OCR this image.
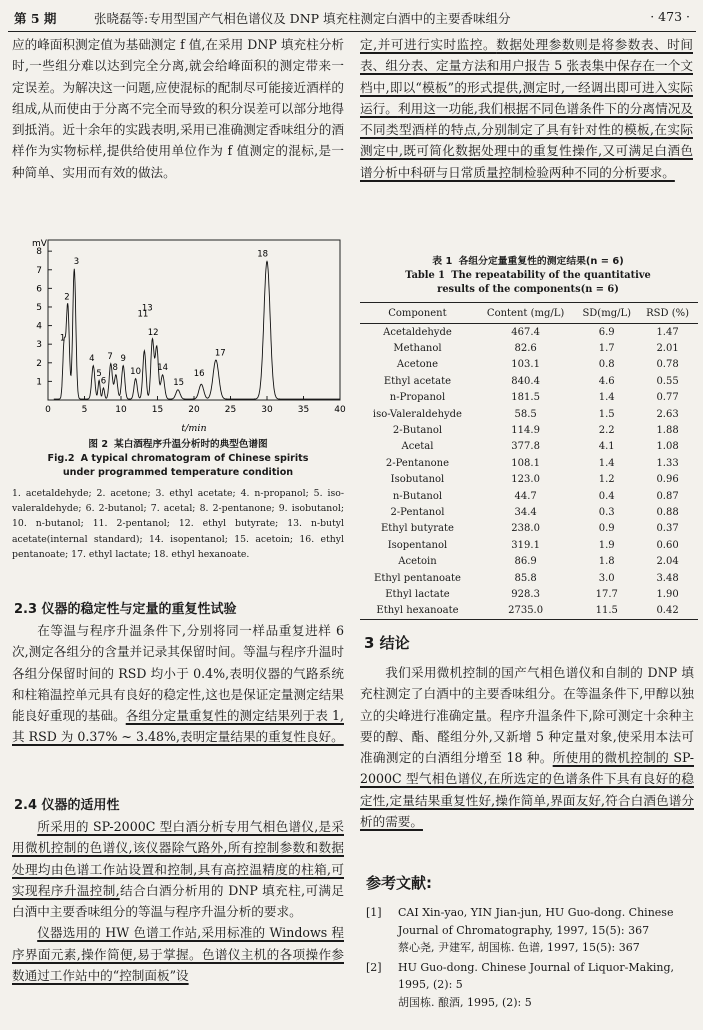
第 5 期	张晓磊等:专用型国产气相色谱仪及 DNP 填充柱测定白酒中的主要香味组分	· 473 ·

应的峰面积测定值为基础测定 f 值,在采用 DNP 填充柱分析时,一些组分难以达到完全分离,就会给峰面积的测定带来一定误差。为解决这一问题,应使混标的配制尽可能接近酒样的组成,从而使由于分离不完全而导致的积分误差可以部分地得到抵消。近十余年的实践表明,采用已准确测定香味组分的酒样作为实物标样,提供给使用单位作为 f 值测定的混标,是一种简单、实用而有效的做法。

mV
1
2
3
4
5
6
7
8
0	5	10	15	20	25	30	35	40
1
2
3
4
5
6
7
8
9
10
11
12
13
14
15
16
17
18
t/min
图 2 某白酒程序升温分析时的典型色谱图
Fig.2 A typical chromatogram of Chinese spirits
under programmed temperature condition
1. acetaldehyde; 2. acetone; 3. ethyl acetate; 4. n-propanol; 5. iso-valeraldehyde; 6. 2-butanol; 7. acetal; 8. 2-pentanone; 9. isobutanol; 10. n-butanol; 11. 2-pentanol; 12. ethyl butyrate; 13. n-butyl acetate(internal standard); 14. isopentanol; 15. acetoin; 16. ethyl pentanoate; 17. ethyl lactate; 18. ethyl hexanoate.
2.3 仪器的稳定性与定量的重复性试验

在等温与程序升温条件下,分别将同一样品重复进样 6 次,测定各组分的含量并记录其保留时间。等温与程序升温时各组分保留时间的 RSD 均小于 0.4%,表明仪器的气路系统和柱箱温控单元具有良好的稳定性,这也是保证定量测定结果能良好重现的基础。各组分定量重复性的测定结果列于表 1,其 RSD 为 0.37% ~ 3.48%,表明定量结果的重复性良好。

2.4 仪器的适用性

所采用的 SP-2000C 型白酒分析专用气相色谱仪,是采用微机控制的色谱仪,该仪器除气路外,所有控制参数和数据处理均由色谱工作站设置和控制,具有高控温精度的柱箱,可实现程序升温控制,结合白酒分析用的 DNP 填充柱,可满足白酒中主要香味组分的等温与程序升温分析的要求。

仪器选用的 HW 色谱工作站,采用标准的 Windows 程序界面元素,操作简便,易于掌握。色谱仪主机的各项操作参数通过工作站中的“控制面板”设

定,并可进行实时监控。数据处理参数则是将参数表、时间表、组分表、定量方法和用户报告 5 张表集中保存在一个文档中,即以“模板”的形式提供,测定时,一经调出即可进入实际运行。利用这一功能,我们根据不同色谱条件下的分离情况及不同类型酒样的特点,分别制定了具有针对性的模板,在实际测定中,既可简化数据处理中的重复性操作,又可满足白酒色谱分析中科研与日常质量控制检验两种不同的分析要求。

表 1 各组分定量重复性的测定结果(n = 6)
Table 1 The repeatability of the quantitative
results of the components(n = 6)
Component	Content (mg/L)	SD(mg/L)	RSD (%)
Acetaldehyde	467.4	6.9	1.47
Methanol	82.6	1.7	2.01
Acetone	103.1	0.8	0.78
Ethyl acetate	840.4	4.6	0.55
n-Propanol	181.5	1.4	0.77
iso-Valeraldehyde	58.5	1.5	2.63
2-Butanol	114.9	2.2	1.88
Acetal	377.8	4.1	1.08
2-Pentanone	108.1	1.4	1.33
Isobutanol	123.0	1.2	0.96
n-Butanol	44.7	0.4	0.87
2-Pentanol	34.4	0.3	0.88
Ethyl butyrate	238.0	0.9	0.37
Isopentanol	319.1	1.9	0.60
Acetoin	86.9	1.8	2.04
Ethyl pentanoate	85.8	3.0	3.48
Ethyl lactate	928.3	17.7	1.90
Ethyl hexanoate	2735.0	11.5	0.42
3 结论

我们采用微机控制的国产气相色谱仪和自制的 DNP 填充柱测定了白酒中的主要香味组分。在等温条件下,甲醇以独立的尖峰进行准确定量。程序升温条件下,除可测定十余种主要的醇、酯、醛组分外,又新增 5 种定量对象,使采用本法可准确测定的白酒组分增至 18 种。所使用的微机控制的 SP-2000C 型气相色谱仪,在所选定的色谱条件下具有良好的稳定性,定量结果重复性好,操作简单,界面友好,符合白酒色谱分析的需要。

参考文献:
[1] CAI Xin-yao, YIN Jian-jun, HU Guo-dong. Chinese Journal of Chromatography, 1997, 15(5): 367
蔡心尧, 尹建军, 胡国栋. 色谱, 1997, 15(5): 367
[2] HU Guo-dong. Chinese Journal of Liquor-Making, 1995, (2): 5
胡国栋. 酿酒, 1995, (2): 5
